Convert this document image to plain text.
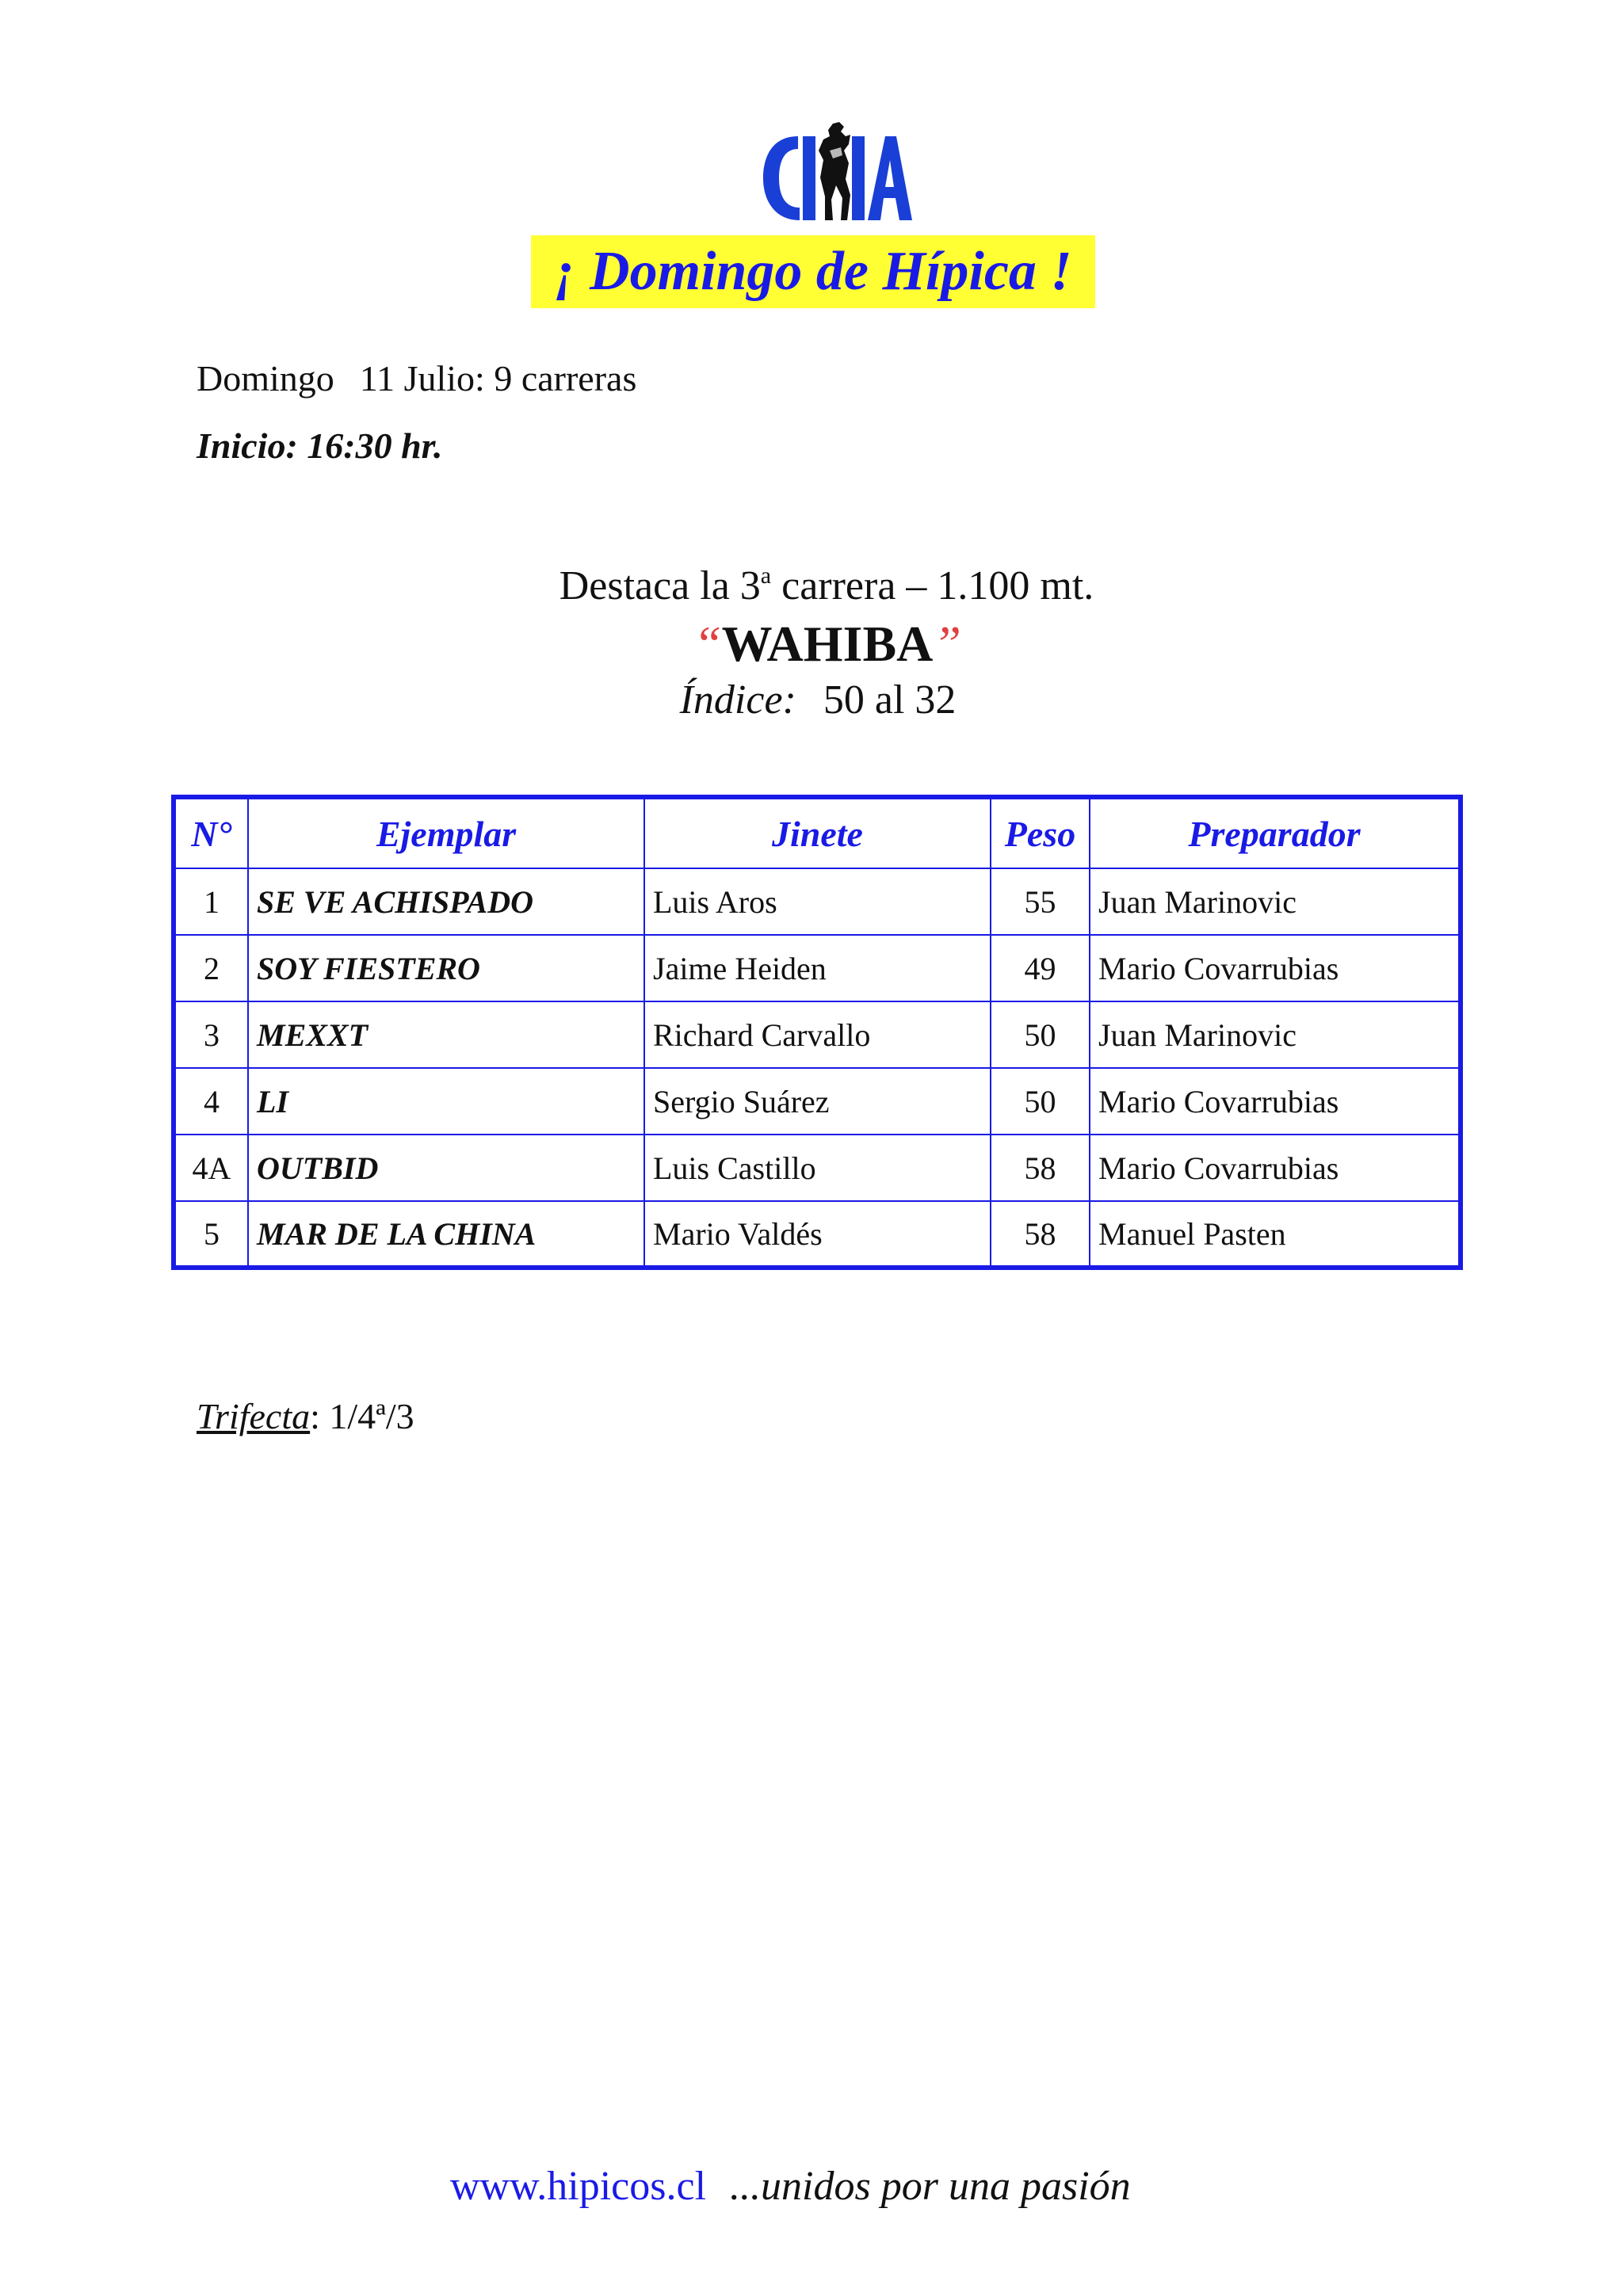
¡ Domingo de Hípica !
Domingo 11 Julio: 9 carreras
Inicio: 16:30 hr.
Destaca la 3$^a$ carrera – 1.100 mt.
“WAHIBA”
Índice: 50 al 32
N°	Ejemplar	Jinete	Peso	Preparador
1	SE VE ACHISPADO	Luis Aros	55	Juan Marinovic
2	SOY FIESTERO	Jaime Heiden	49	Mario Covarrubias
3	MEXXT	Richard Carvallo	50	Juan Marinovic
4	LI	Sergio Suárez	50	Mario Covarrubias
4A	OUTBID	Luis Castillo	58	Mario Covarrubias
5	MAR DE LA CHINA	Mario Valdés	58	Manuel Pasten
Trifecta: 1/4ª/3
www.hipicos.cl ...unidos por una pasión
